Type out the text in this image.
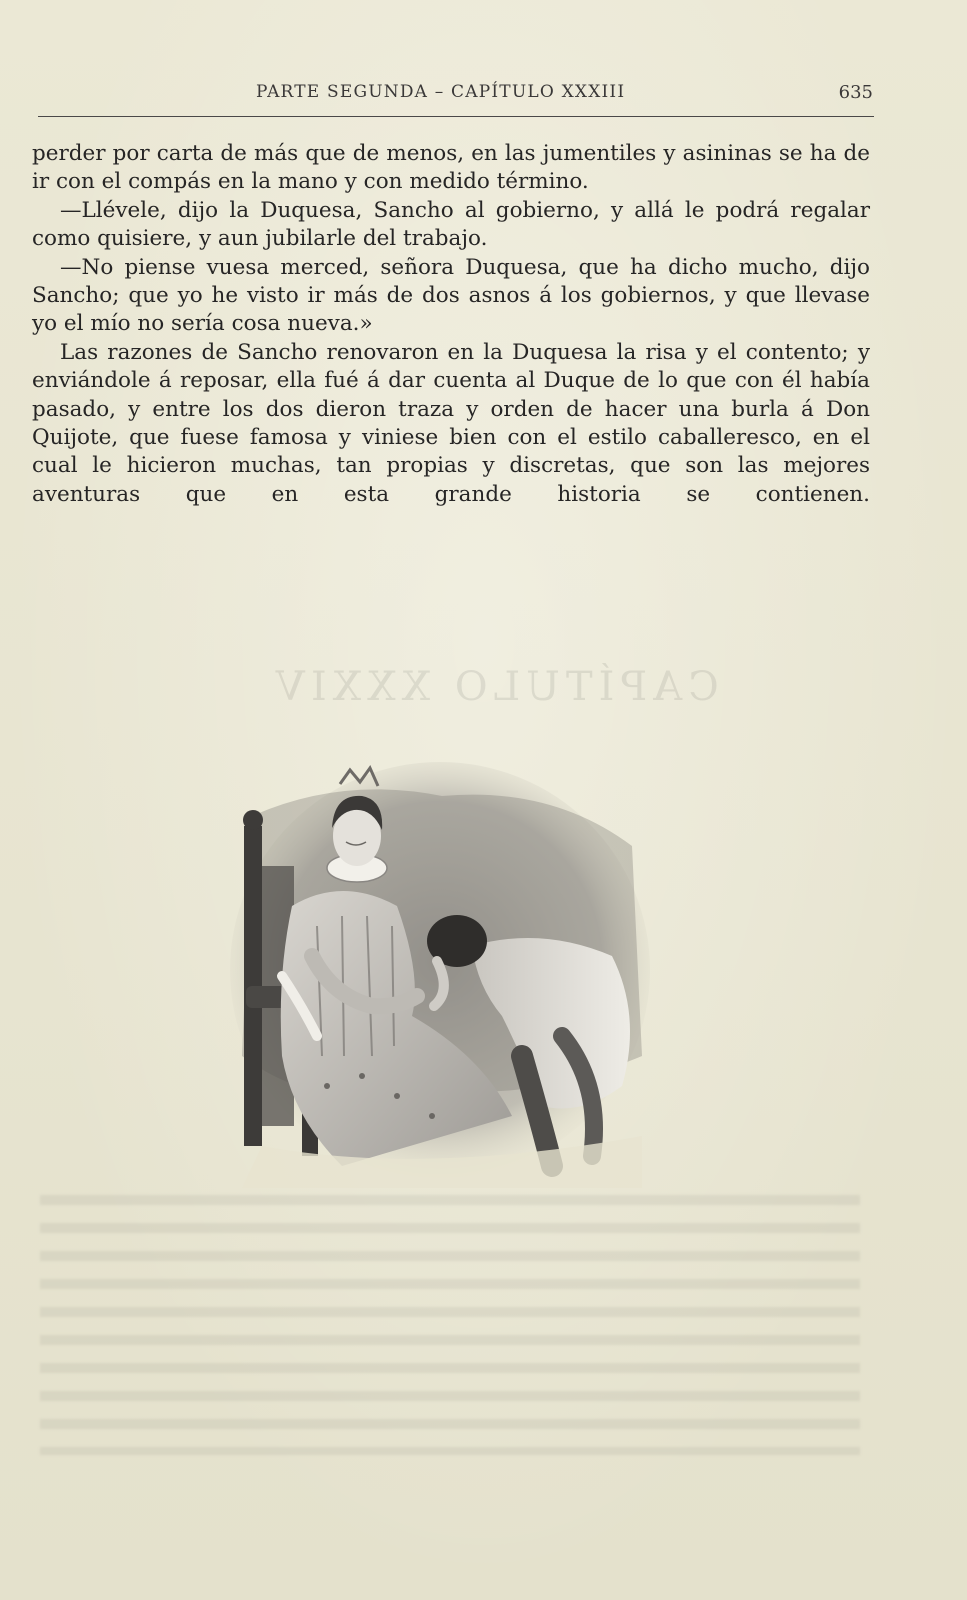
CAPÍTULO XXXIV
PARTE SEGUNDA – CAPÍTULO XXXIII	635

perder por carta de más que de menos, en las jumentiles y asininas se ha de ir con el compás en la mano y con medido término.

—Llévele, dijo la Duquesa, Sancho al gobierno, y allá le podrá regalar como quisiere, y aun jubilarle del trabajo.

—No piense vuesa merced, señora Duquesa, que ha dicho mucho, dijo Sancho; que yo he visto ir más de dos asnos á los gobiernos, y que llevase yo el mío no sería cosa nueva.»

Las razones de Sancho renovaron en la Duquesa la risa y el contento; y enviándole á reposar, ella fué á dar cuenta al Duque de lo que con él había pasado, y entre los dos dieron traza y orden de hacer una burla á Don Quijote, que fuese famosa y viniese bien con el estilo caballeresco, en el cual le hicieron muchas, tan propias y discretas, que son las mejores aventuras que en esta grande historia se contienen.
